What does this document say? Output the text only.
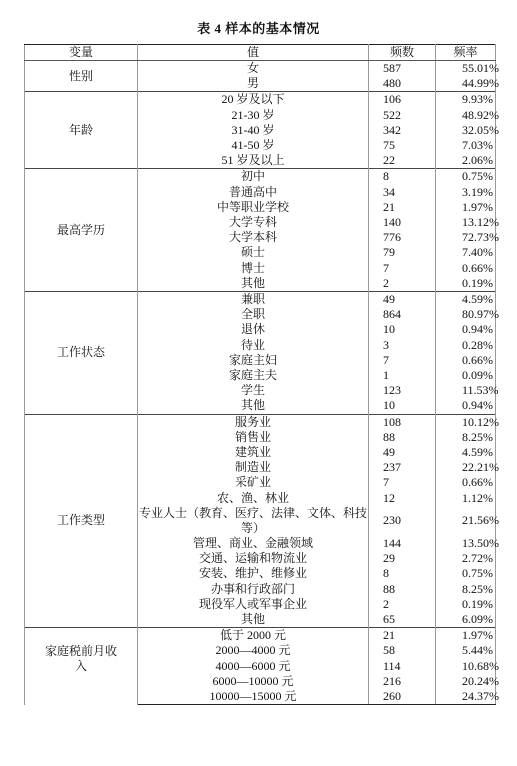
表 4 样本的基本情况
变量	值	频数	频率
性别	女	587	55.01%
	男	480	44.99%
年龄	20 岁及以下	106	9.93%
	21-30 岁	522	48.92%
	31-40 岁	342	32.05%
	41-50 岁	75	7.03%
	51 岁及以上	22	2.06%
最高学历	初中	8	0.75%
	普通高中	34	3.19%
	中等职业学校	21	1.97%
	大学专科	140	13.12%
	大学本科	776	72.73%
	硕士	79	7.40%
	博士	7	0.66%
	其他	2	0.19%
工作状态	兼职	49	4.59%
	全职	864	80.97%
	退休	10	0.94%
	待业	3	0.28%
	家庭主妇	7	0.66%
	家庭主夫	1	0.09%
	学生	123	11.53%
	其他	10	0.94%
工作类型	服务业	108	10.12%
	销售业	88	8.25%
	建筑业	49	4.59%
	制造业	237	22.21%
	采矿业	7	0.66%
	农、渔、林业	12	1.12%
	专业人士（教育、医疗、法律、文体、科技等）	230	21.56%
	管理、商业、金融领域	144	13.50%
	交通、运输和物流业	29	2.72%
	安装、维护、维修业	8	0.75%
	办事和行政部门	88	8.25%
	现役军人或军事企业	2	0.19%
	其他	65	6.09%
家庭税前月收入	低于 2000 元	21	1.97%
	2000—4000 元	58	5.44%
	4000—6000 元	114	10.68%
	6000—10000 元	216	20.24%
	10000—15000 元	260	24.37%
